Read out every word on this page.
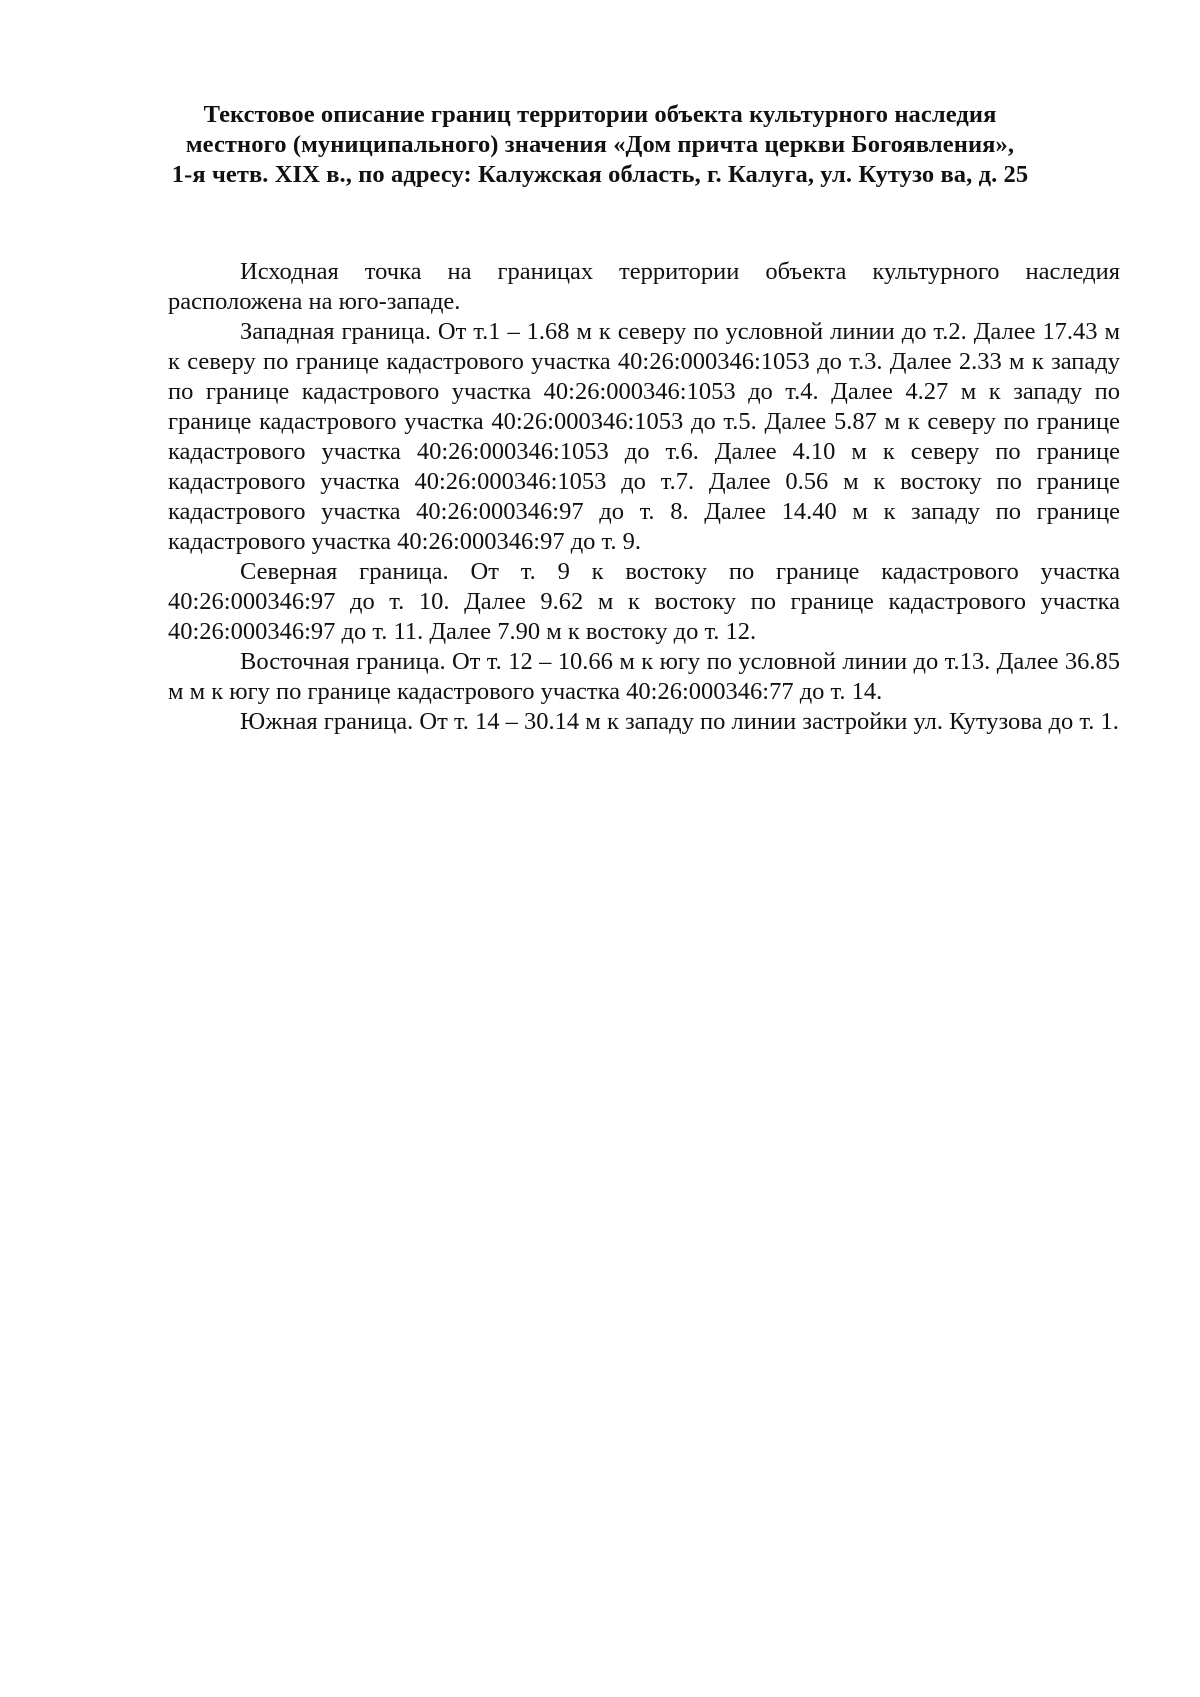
Текстовое описание границ территории объекта культурного наследия
местного (муниципального) значения «Дом причта церкви Богоявления»,
1-я четв. XIX в., по адресу: Калужская область, г. Калуга, ул. Кутузо ва, д. 25

Исходная точка на границах территории объекта культурного наследия расположена на юго-западе.

Западная граница. От т.1 – 1.68 м к северу по условной линии до т.2. Далее 17.43 м к северу по границе кадастрового участка 40:26:000346:1053 до т.3. Далее 2.33 м к западу по границе кадастрового участка 40:26:000346:1053 до т.4. Далее 4.27 м к западу по границе кадастрового участка 40:26:000346:1053 до т.5. Далее 5.87 м к северу по границе кадастрового участка 40:26:000346:1053 до т.6. Далее 4.10 м к северу по границе кадастрового участка 40:26:000346:1053 до т.7. Далее 0.56 м к востоку по границе кадастрового участка 40:26:000346:97 до т. 8. Далее 14.40 м к западу по границе кадастрового участка 40:26:000346:97 до т. 9.

Северная граница. От т. 9 к востоку по границе кадастрового участка 40:26:000346:97 до т. 10. Далее 9.62 м к востоку по границе кадастрового участка 40:26:000346:97 до т. 11. Далее 7.90 м к востоку до т. 12.

Восточная граница. От т. 12 – 10.66 м к югу по условной линии до т.13. Далее 36.85 м м к югу по границе кадастрового участка 40:26:000346:77 до т. 14.

Южная граница. От т. 14 – 30.14 м к западу по линии застройки ул. Кутузова до т. 1.
